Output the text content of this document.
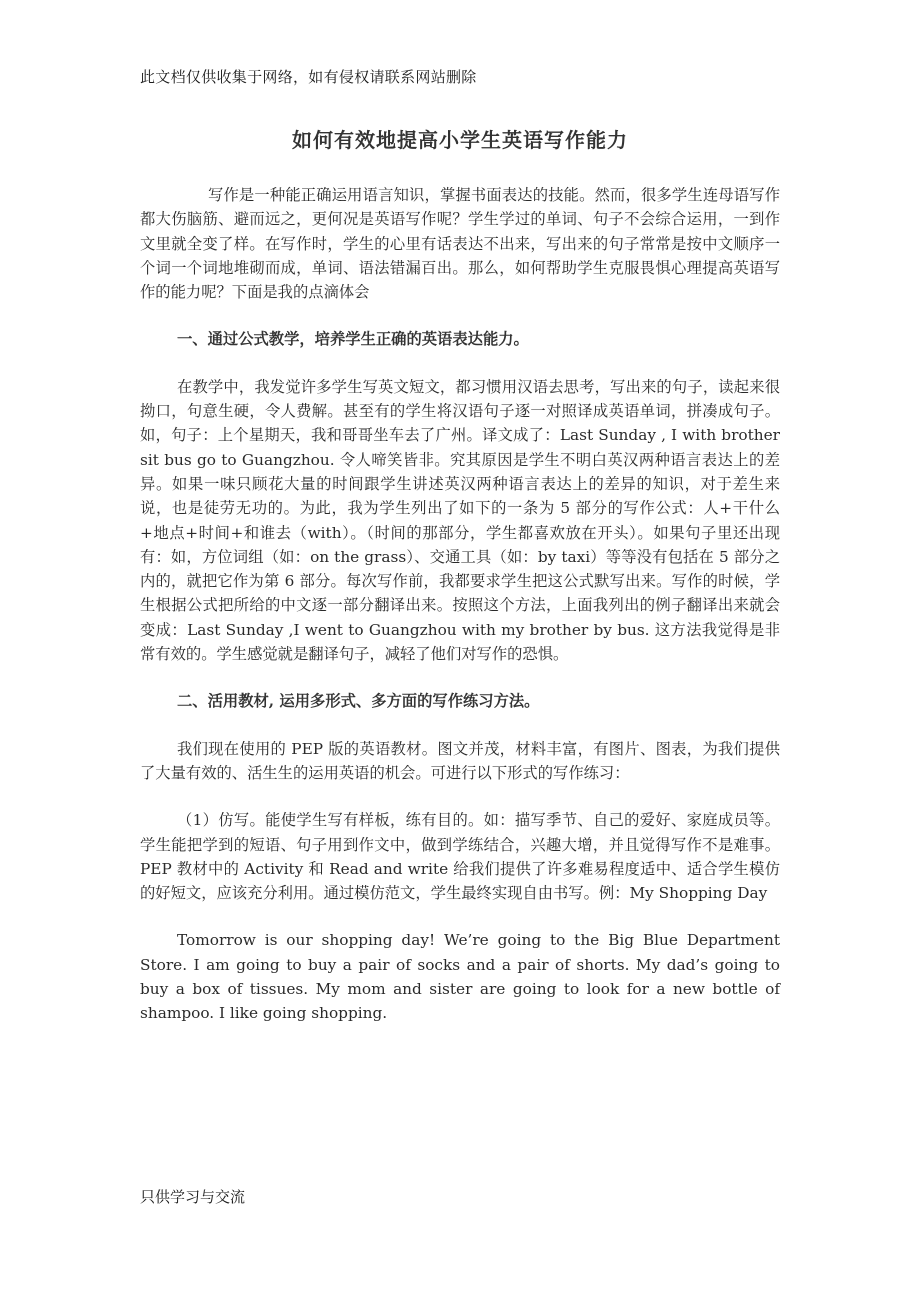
此文档仅供收集于网络，如有侵权请联系网站删除
如何有效地提高小学生英语写作能力

写作是一种能正确运用语言知识，掌握书面表达的技能。然而，很多学生连母语写作都大伤脑筋、避而远之，更何况是英语写作呢？学生学过的单词、句子不会综合运用，一到作文里就全变了样。在写作时，学生的心里有话表达不出来，写出来的句子常常是按中文顺序一个词一个词地堆砌而成，单词、语法错漏百出。那么，如何帮助学生克服畏惧心理提高英语写作的能力呢？下面是我的点滴体会

一、通过公式教学，培养学生正确的英语表达能力。

在教学中，我发觉许多学生写英文短文，都习惯用汉语去思考，写出来的句子，读起来很拗口，句意生硬，令人费解。甚至有的学生将汉语句子逐一对照译成英语单词，拼凑成句子。如，句子：上个星期天，我和哥哥坐车去了广州。译文成了：Last Sunday , I with brother sit bus go to Guangzhou. 令人啼笑皆非。究其原因是学生不明白英汉两种语言表达上的差异。如果一味只顾花大量的时间跟学生讲述英汉两种语言表达上的差异的知识，对于差生来说，也是徒劳无功的。为此，我为学生列出了如下的一条为 5 部分的写作公式：人+干什么+地点+时间+和谁去（with）。（时间的那部分，学生都喜欢放在开头）。如果句子里还出现有：如，方位词组（如：on the grass）、交通工具（如：by taxi）等等没有包括在 5 部分之内的，就把它作为第 6 部分。每次写作前，我都要求学生把这公式默写出来。写作的时候，学生根据公式把所给的中文逐一部分翻译出来。按照这个方法，上面我列出的例子翻译出来就会变成：Last Sunday ,I went to Guangzhou with my brother by bus. 这方法我觉得是非常有效的。学生感觉就是翻译句子，减轻了他们对写作的恐惧。

二、活用教材, 运用多形式、多方面的写作练习方法。

我们现在使用的 PEP 版的英语教材。图文并茂，材料丰富，有图片、图表，为我们提供了大量有效的、活生生的运用英语的机会。可进行以下形式的写作练习：

（1）仿写。能使学生写有样板，练有目的。如：描写季节、自己的爱好、家庭成员等。学生能把学到的短语、句子用到作文中，做到学练结合，兴趣大增，并且觉得写作不是难事。PEP 教材中的 Activity 和 Read and write 给我们提供了许多难易程度适中、适合学生模仿的好短文，应该充分利用。通过模仿范文，学生最终实现自由书写。例：My Shopping Day

Tomorrow is our shopping day! We’re going to the Big Blue Department Store. I am going to buy a pair of socks and a pair of shorts. My dad’s going to buy a box of tissues. My mom and sister are going to look for a new bottle of shampoo. I like going shopping.

只供学习与交流
